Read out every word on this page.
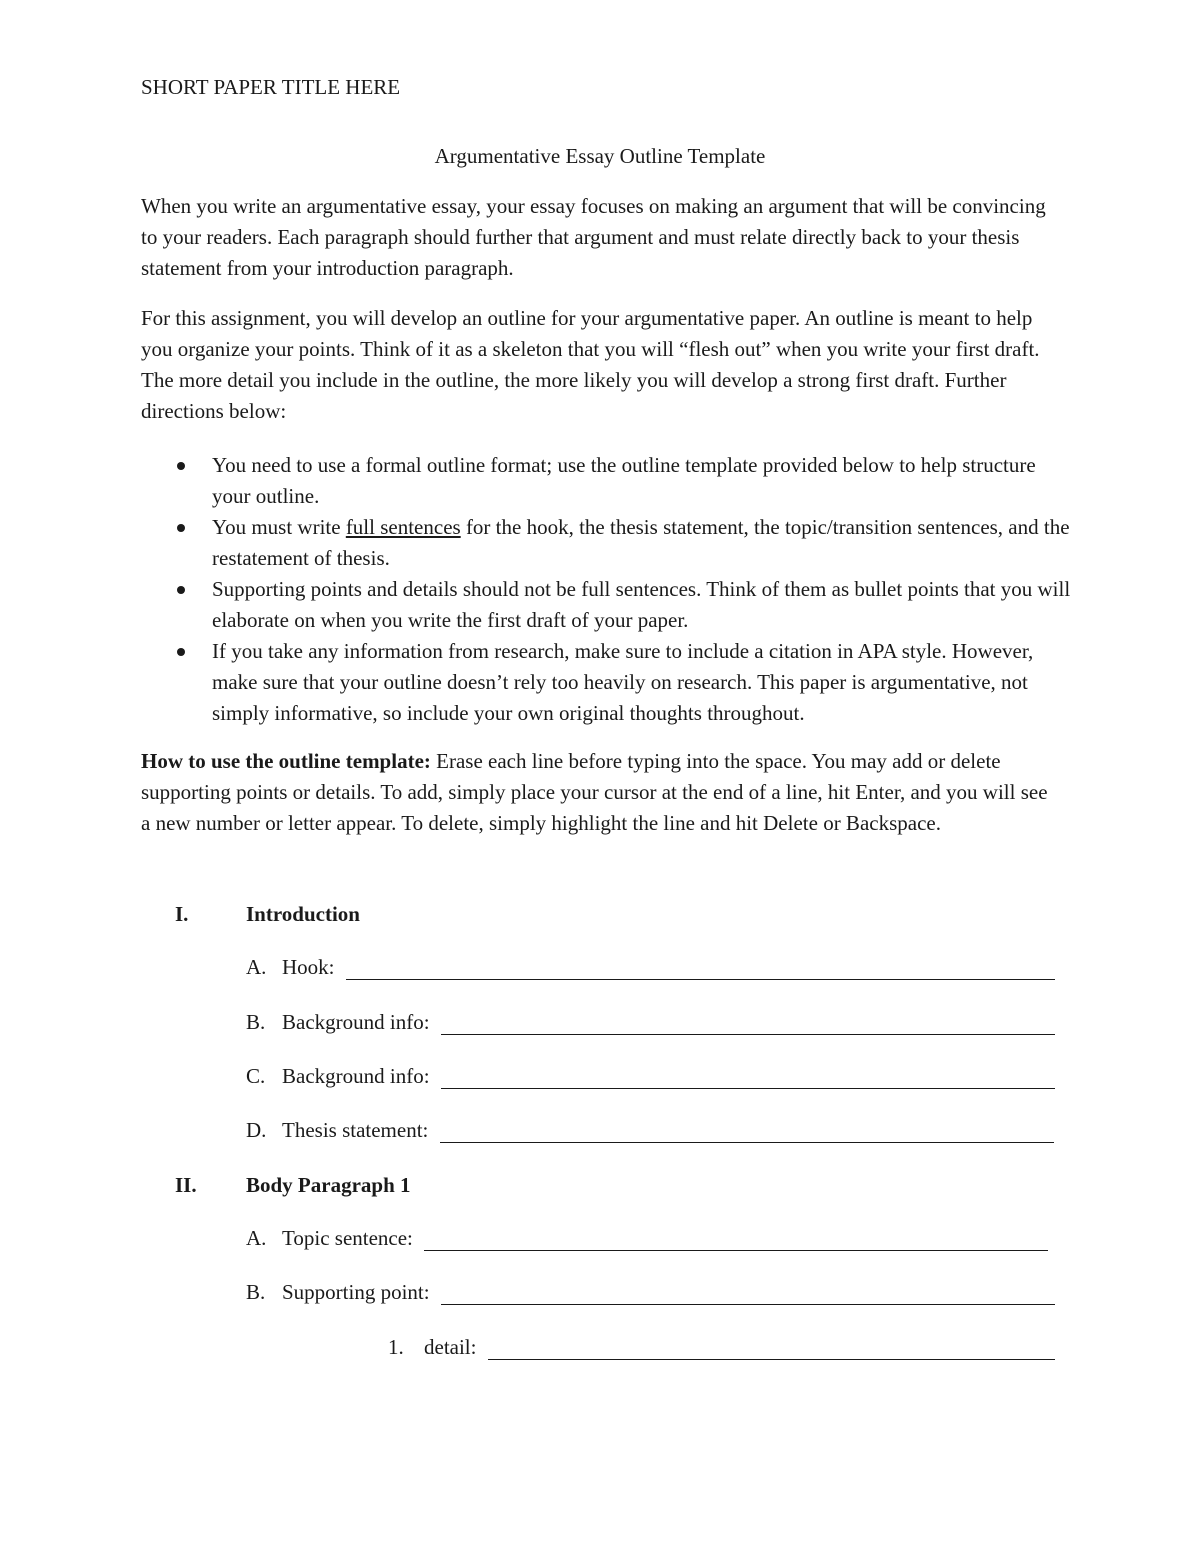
SHORT PAPER TITLE HERE
Argumentative Essay Outline Template

When you write an argumentative essay, your essay focuses on making an argument that will be convincing to your readers. Each paragraph should further that argument and must relate directly back to your thesis statement from your introduction paragraph.

For this assignment, you will develop an outline for your argumentative paper. An outline is meant to help you organize your points. Think of it as a skeleton that you will “flesh out” when you write your first draft. The more detail you include in the outline, the more likely you will develop a strong first draft. Further directions below:

You need to use a formal outline format; use the outline template provided below to help structure your outline.
You must write full sentences for the hook, the thesis statement, the topic/transition sentences, and the restatement of thesis.
Supporting points and details should not be full sentences. Think of them as bullet points that you will elaborate on when you write the first draft of your paper.
If you take any information from research, make sure to include a citation in APA style. However, make sure that your outline doesn’t rely too heavily on research. This paper is argumentative, not simply informative, so include your own original thoughts throughout.

How to use the outline template: Erase each line before typing into the space. You may add or delete supporting points or details. To add, simply place your cursor at the end of a line, hit Enter, and you will see a new number or letter appear. To delete, simply highlight the line and hit Delete or Backspace.

I.	Introduction
A. Hook:
B. Background info:
C. Background info:
D. Thesis statement:
II. Body Paragraph 1
A. Topic sentence:
B. Supporting point:
1. detail:
